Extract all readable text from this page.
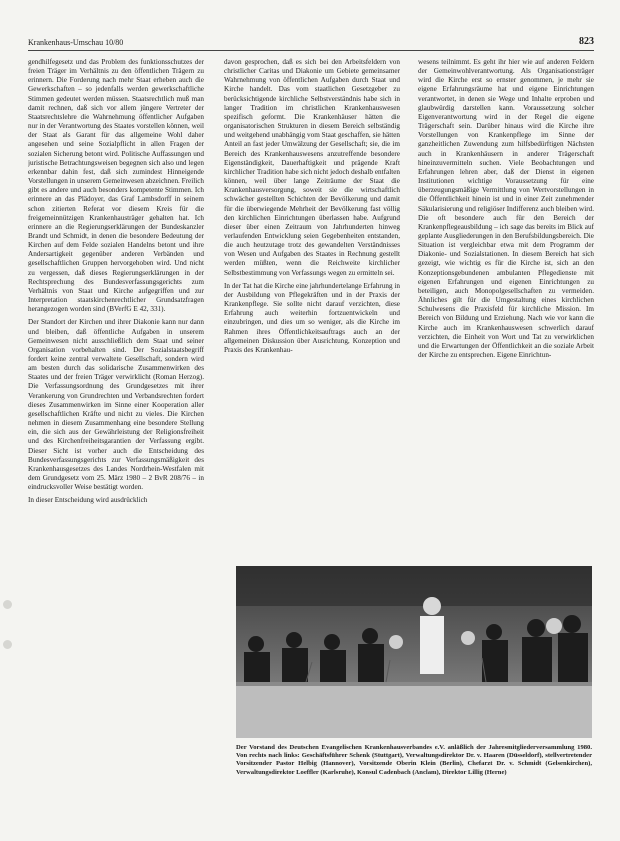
Krankenhaus-Umschau 10/80	823

gendhilfegesetz und das Problem des funktionsschutzes der freien Träger im Verhältnis zu den öffentlichen Trägern zu erinnern. Die Forderung nach mehr Staat erheben auch die Gewerkschaften – so jedenfalls werden gewerkschaftliche Stimmen gedeutet werden müssen. Staatsrechtlich muß man damit rechnen, daß sich vor allem jüngere Vertreter der Staatsrechtslehre die Wahrnehmung öffentlicher Aufgaben nur in der Verantwortung des Staates vorstellen können, weil der Staat als Garant für das allgemeine Wohl daher angesehen und seine Sozialpflicht in allen Fragen der sozialen Sicherung betont wird. Politische Auffassungen und juristische Betrachtungsweisen begegnen sich also und legen erkennbar dahin fest, daß sich zumindest Hinneigende Vorstellungen in unserem Gemeinwesen abzeichnen. Freilich gibt es andere und auch besonders kompetente Stimmen. Ich erinnere an das Plädoyer, das Graf Lambsdorff in seinem schon zitierten Referat vor diesem Kreis für die freigemeinnützigen Krankenhausträger gehalten hat. Ich erinnere an die Regierungserklärungen der Bundeskanzler Brandt und Schmidt, in denen die besondere Bedeutung der Kirchen auf dem Felde sozialen Handelns betont und ihre Andersartigkeit gegenüber anderen Verbänden und gesellschaftlichen Gruppen hervorgehoben wird. Und nicht zu vergessen, daß dieses Regierungserklärungen in der Rechtsprechung des Bundesverfassungsgerichts zum Verhältnis von Staat und Kirche aufgegriffen und zur Interpretation staatskirchenrechtlicher Grundsatzfragen herangezogen worden sind (BVerfG E 42, 331).

Der Standort der Kirchen und ihrer Diakonie kann nur dann und bleiben, daß öffentliche Aufgaben in unserem Gemeinwesen nicht ausschließlich dem Staat und seiner Organisation vorbehalten sind. Der Sozialstaatsbegriff fordert keine zentral verwaltete Gesellschaft, sondern wird am besten durch das solidarische Zusammenwirken des Staates und der freien Träger verwirklicht (Roman Herzog). Die Verfassungsordnung des Grundgesetzes mit ihrer Verankerung von Grundrechten und Verbandsrechten fordert dieses Zusammenwirken im Sinne einer Kooperation aller gesellschaftlichen Kräfte und nicht zu vieles. Die Kirchen nehmen in diesem Zusammenhang eine besondere Stellung ein, die sich aus der Gewährleistung der Religionsfreiheit und des Kirchenfreiheitsgarantien der Verfassung ergibt. Dieser Sicht ist vorher auch die Entscheidung des Bundesverfassungsgerichts zur Verfassungsmäßigkeit des Krankenhausgesetzes des Landes Nordrhein-Westfalen mit dem Grundgesetz vom 25. März 1980 – 2 BvR 208/76 – in eindrucksvoller Weise bestätigt worden.

In dieser Entscheidung wird ausdrücklich

davon gesprochen, daß es sich bei den Arbeitsfeldern von christlicher Caritas und Diakonie um Gebiete gemeinsamer Wahrnehmung von öffentlichen Aufgaben durch Staat und Kirche handelt. Das vom staatlichen Gesetzgeber zu berücksichtigende kirchliche Selbstverständnis habe sich in langer Tradition im christlichen Krankenhauswesen spezifisch geformt. Die Krankenhäuser hätten die organisatorischen Strukturen in diesem Bereich selbständig und weitgehend unabhängig vom Staat geschaffen, sie hätten Anteil an fast jeder Umwälzung der Gesellschaft; sie, die im Bereich des Krankenhauswesens anzutreffende besondere Eigenständigkeit, Dauerhaftigkeit und prägende Kraft kirchlicher Tradition habe sich nicht jedoch deshalb entfalten können, weil über lange Zeiträume der Staat die Krankenhausversorgung, soweit sie die wirtschaftlich schwächer gestellten Schichten der Bevölkerung und damit für die überwiegende Mehrheit der Bevölkerung fast völlig den kirchlichen Einrichtungen überlassen habe. Aufgrund dieser über einen Zeitraum von Jahrhunderten hinweg verlaufenden Entwicklung seien Gegebenheiten entstanden, die auch heutzutage trotz des gewandelten Verständnisses von Wesen und Aufgaben des Staates in Rechnung gestellt werden müßten, wenn die Reichweite kirchlicher Selbstbestimmung von Verfassungs wegen zu ermitteln sei.

In der Tat hat die Kirche eine jahrhundertelange Erfahrung in der Ausbildung von Pflegekräften und in der Praxis der Krankenpflege. Sie sollte nicht darauf verzichten, diese Erfahrung auch weiterhin fortzuentwickeln und einzubringen, und dies um so weniger, als die Kirche im Rahmen ihres Öffentlichkeitsauftrags auch an der allgemeinen Diskussion über Ausrichtung, Konzeption und Praxis des Krankenhau-

wesens teilnimmt. Es geht ihr hier wie auf anderen Feldern der Gemeinwohlverantwortung. Als Organisationsträger wird die Kirche erst so ernster genommen, je mehr sie eigene Erfahrungsräume hat und eigene Einrichtungen verantwortet, in denen sie Wege und Inhalte erproben und glaubwürdig darstellen kann. Voraussetzung solcher Eigenverantwortung wird in der Regel die eigene Trägerschaft sein. Darüber hinaus wird die Kirche ihre Vorstellungen von Krankenpflege im Sinne der ganzheitlichen Zuwendung zum hilfsbedürftigen Nächsten auch in Krankenhäusern in anderer Trägerschaft hineinzuvermitteln suchen. Viele Beobachtungen und Erfahrungen lehren aber, daß der Dienst in eigenen Institutionen wichtige Voraussetzung für eine überzeugungsmäßige Vermittlung von Wertvorstellungen in die Öffentlichkeit hinein ist und in einer Zeit zunehmender Säkularisierung und religiöser Indifferenz auch bleiben wird. Die oft besondere auch für den Bereich der Krankenpflegeausbildung – ich sage das bereits im Blick auf geplante Ausgliederungen in den Berufsbildungsbereich. Die Situation ist vergleichbar etwa mit dem Programm der Diakonie- und Sozialstationen. In diesem Bereich hat sich gezeigt, wie wichtig es für die Kirche ist, sich an den Konzeptionsgebundenen ambulanten Pflegedienste mit eigenen Erfahrungen und eigenen Einrichtungen zu beteiligen, auch Monopolgesellschaften zu vermeiden. Ähnliches gilt für die Umgestaltung eines kirchlichen Schulwesens die Praxisfeld für kirchliche Mission. Im Bereich von Bildung und Erziehung. Nach wie vor kann die Kirche auch im Krankenhauswesen schwerlich darauf verzichten, die Einheit von Wort und Tat zu verwirklichen und die Erwartungen der Öffentlichkeit an die soziale Arbeit der Kirche zu entsprechen. Eigene Einrichtun-

Der Vorstand des Deutschen Evangelischen Krankenhausverbandes e.V. anläßlich der Jahresmitgliederversammlung 1980. Von rechts nach links: Geschäftsführer Schenk (Stuttgart), Verwaltungsdirektor Dr. v. Haaren (Düsseldorf), stellvertretender Vorsitzender Pastor Helbig (Hannover), Vorsitzende Oberin Klein (Berlin), Chefarzt Dr. v. Schmidt (Gelsenkirchen), Verwaltungsdirektor Loeffler (Karlsruhe), Konsul Cadenbach (Anclam), Direktor Lillig (Herne)
